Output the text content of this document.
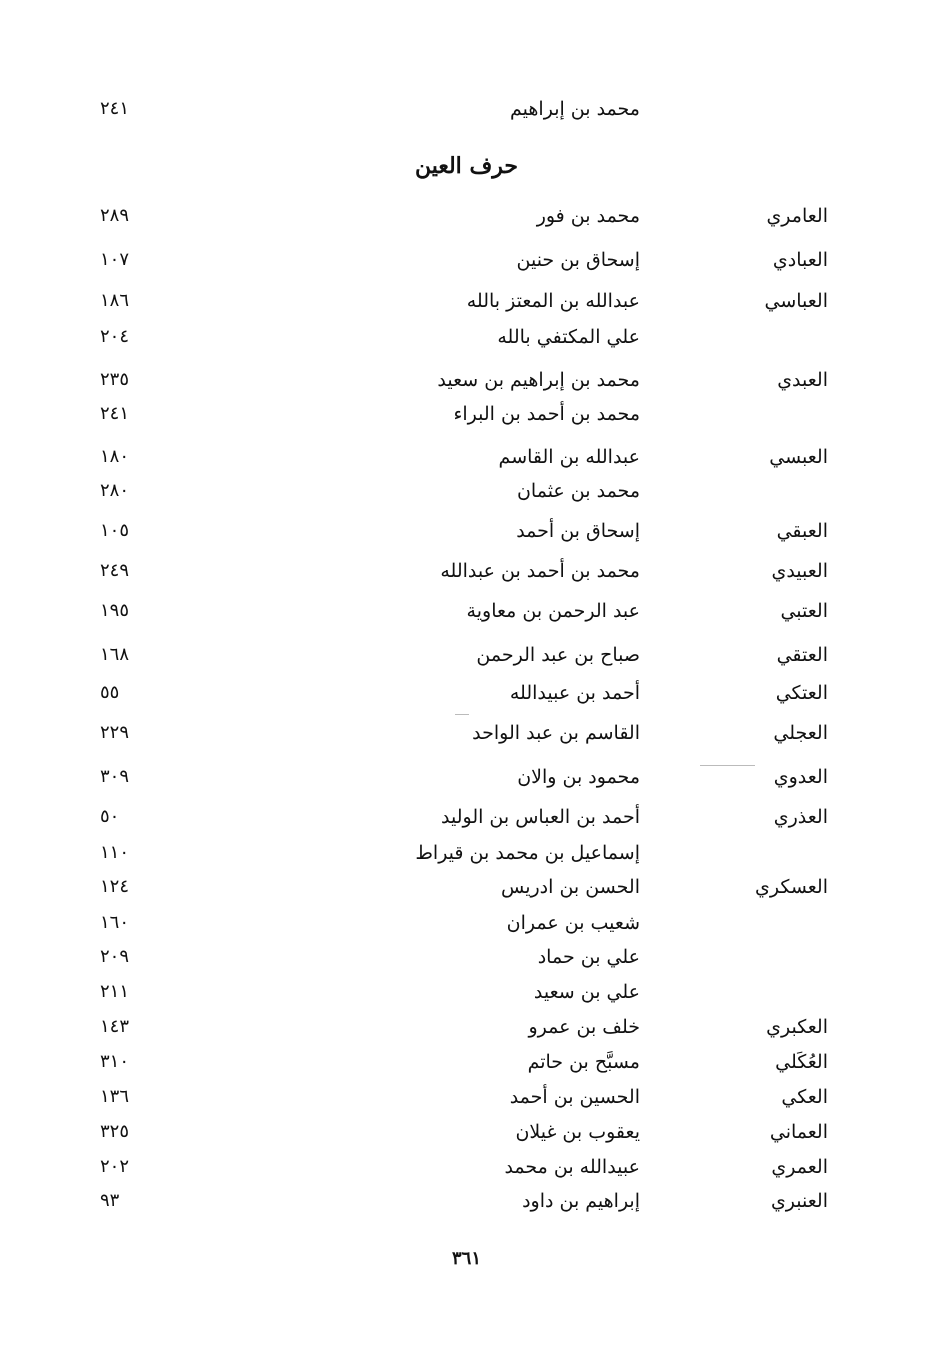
حرف العين
محمد بن إبراهيم
٢٤١
العامري
محمد بن فور
٢٨٩
العبادي
إسحاق بن حنين
١٠٧
العباسي
عبدالله بن المعتز بالله
١٨٦
علي المكتفي بالله
٢٠٤
العبدي
محمد بن إبراهيم بن سعيد
٢٣٥
محمد بن أحمد بن البراء
٢٤١
العبسي
عبدالله بن القاسم
١٨٠
محمد بن عثمان
٢٨٠
العبقي
إسحاق بن أحمد
١٠٥
العبيدي
محمد بن أحمد بن عبدالله
٢٤٩
العتبي
عبد الرحمن بن معاوية
١٩٥
العتقي
صباح بن عبد الرحمن
١٦٨
العتكي
أحمد بن عبيدالله
٥٥
العجلي
القاسم بن عبد الواحد
٢٢٩
العدوي
محمود بن والان
٣٠٩
العذري
أحمد بن العباس بن الوليد
٥٠
إسماعيل بن محمد بن قيراط
١١٠
العسكري
الحسن بن ادريس
١٢٤
شعيب بن عمران
١٦٠
علي بن حماد
٢٠٩
علي بن سعيد
٢١١
العكبري
خلف بن عمرو
١٤٣
العُكَلي
مسبَّح بن حاتم
٣١٠
العكي
الحسين بن أحمد
١٣٦
العماني
يعقوب بن غيلان
٣٢٥
العمري
عبيدالله بن محمد
٢٠٢
العنبري
إبراهيم بن داود
٩٣
٣٦١
